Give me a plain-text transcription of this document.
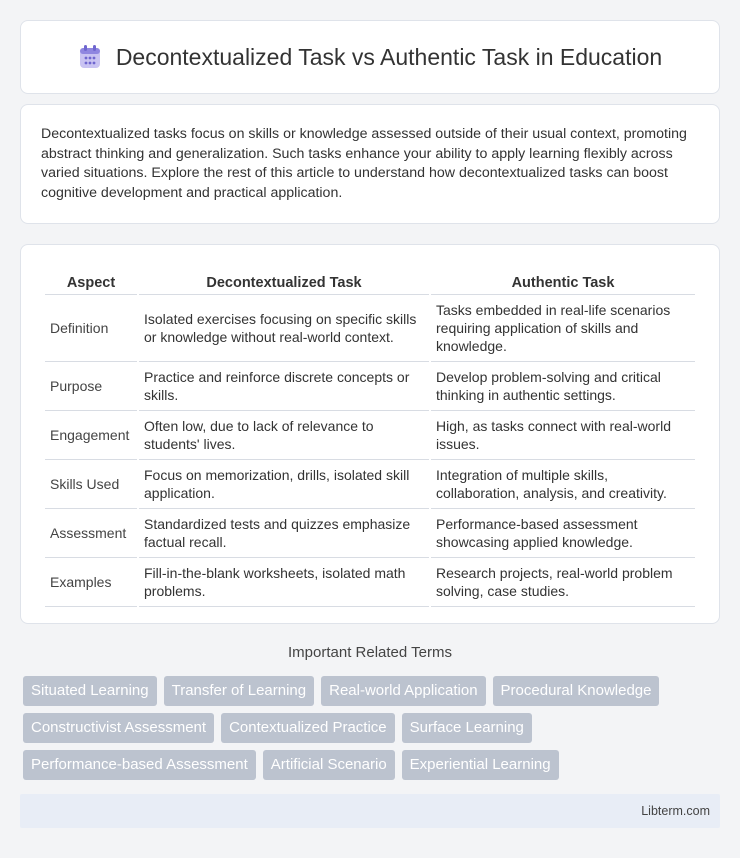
Decontextualized Task vs Authentic Task in Education

Decontextualized tasks focus on skills or knowledge assessed outside of their usual context, promoting abstract thinking and generalization. Such tasks enhance your ability to apply learning flexibly across varied situations. Explore the rest of this article to understand how decontextualized tasks can boost cognitive development and practical application.

Aspect	Decontextualized Task	Authentic Task
Definition	Isolated exercises focusing on specific skills or knowledge without real-world context.	Tasks embedded in real-life scenarios requiring application of skills and knowledge.
Purpose	Practice and reinforce discrete concepts or skills.	Develop problem-solving and critical thinking in authentic settings.
Engagement	Often low, due to lack of relevance to students' lives.	High, as tasks connect with real-world issues.
Skills Used	Focus on memorization, drills, isolated skill application.	Integration of multiple skills, collaboration, analysis, and creativity.
Assessment	Standardized tests and quizzes emphasize factual recall.	Performance-based assessment showcasing applied knowledge.
Examples	Fill-in-the-blank worksheets, isolated math problems.	Research projects, real-world problem solving, case studies.
Important Related Terms
Situated Learning	Transfer of Learning	Real-world Application	Procedural Knowledge
Constructivist Assessment	Contextualized Practice	Surface Learning
Performance-based Assessment	Artificial Scenario	Experiential Learning
Libterm.com
